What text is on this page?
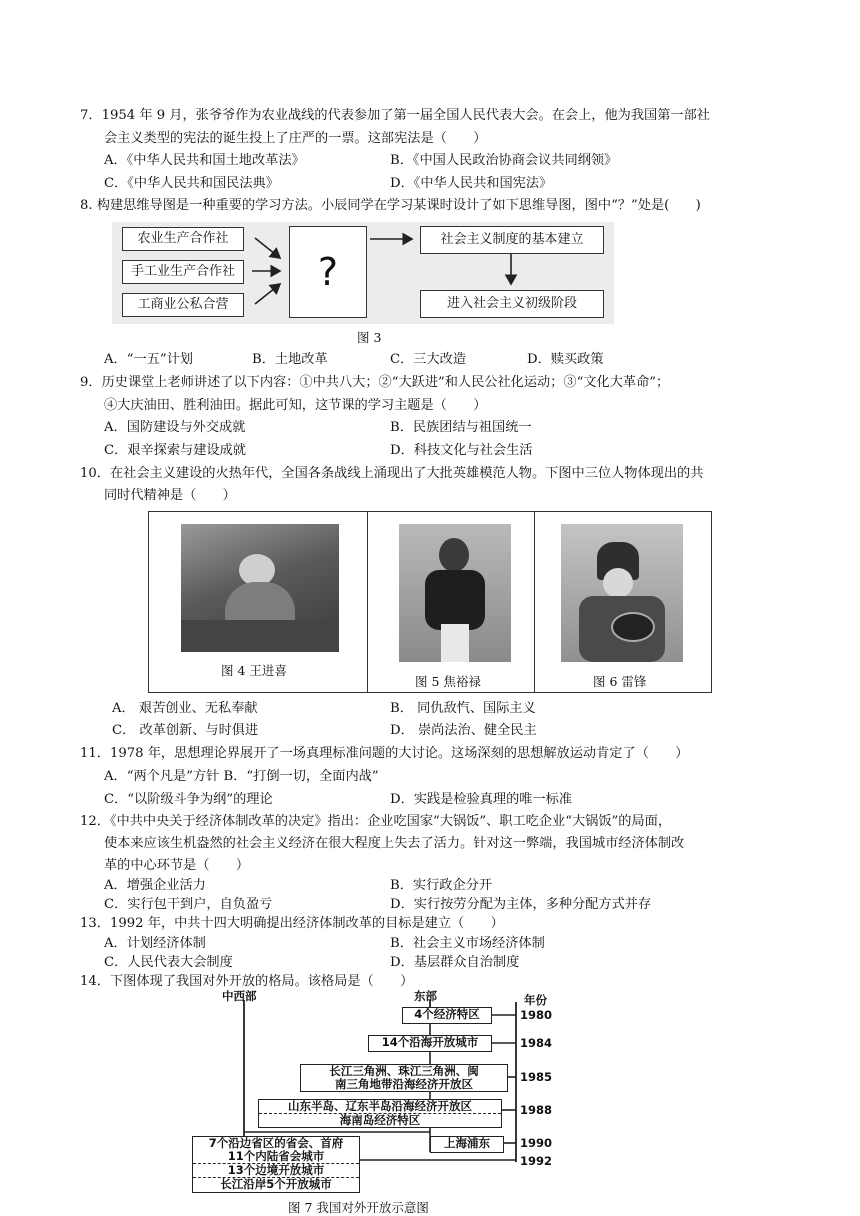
7．1954 年 9 月，张爷爷作为农业战线的代表参加了第一届全国人民代表大会。在会上，他为我国第一部社
会主义类型的宪法的诞生投上了庄严的一票。这部宪法是（　　）
A．《中华人民共和国土地改革法》	B．《中国人民政治协商会议共同纲领》
C．《中华人民共和国民法典》	D．《中华人民共和国宪法》
8. 构建思维导图是一种重要的学习方法。小辰同学在学习某课时设计了如下思维导图，图中“？”处是(　　)
农业生产合作社
手工业生产合作社
工商业公私合营
?
社会主义制度的基本建立
进入社会主义初级阶段
图 3
A．“一五”计划	B．土地改革	C．三大改造	D．赎买政策
9．历史课堂上老师讲述了以下内容：①中共八大；②“大跃进”和人民公社化运动；③“文化大革命”；
④大庆油田、胜利油田。据此可知，这节课的学习主题是（　　）
A．国防建设与外交成就	B．民族团结与祖国统一
C．艰辛探索与建设成就	D．科技文化与社会生活
10．在社会主义建设的火热年代，全国各条战线上涌现出了大批英雄模范人物。下图中三位人物体现出的共
同时代精神是（　　）
图 4 王进喜
图 5 焦裕禄	图 6 雷锋
A． 艰苦创业、无私奉献	B． 同仇敌忾、国际主义
C． 改革创新、与时俱进	D． 崇尚法治、健全民主
11．1978 年，思想理论界展开了一场真理标准问题的大讨论。这场深刻的思想解放运动肯定了（　　）
A．“两个凡是”方针 B．“打倒一切，全面内战”
C．“以阶级斗争为纲”的理论	D．实践是检验真理的唯一标准
12．《中共中央关于经济体制改革的决定》指出：企业吃国家“大锅饭”、职工吃企业“大锅饭”的局面，
使本来应该生机盎然的社会主义经济在很大程度上失去了活力。针对这一弊端，我国城市经济体制改
革的中心环节是（　　）
A．增强企业活力	B．实行政企分开
C．实行包干到户，自负盈亏	D．实行按劳分配为主体，多种分配方式并存
13．1992 年，中共十四大明确提出经济体制改革的目标是建立（　　）
A．计划经济体制	B．社会主义市场经济体制
C．人民代表大会制度	D．基层群众自治制度
14．下图体现了我国对外开放的格局。该格局是（　　）
中西部	东部	年份
4个经济特区
14个沿海开放城市
长江三角洲、珠江三角洲、闽
南三角地带沿海经济开放区
山东半岛、辽东半岛沿海经济开放区
海南岛经济特区
上海浦东
7个沿边省区的省会、首府
11个内陆省会城市
13个边境开放城市
长江沿岸5个开放城市
1980
1984
1985
1988
1990
1992
图 7 我国对外开放示意图
